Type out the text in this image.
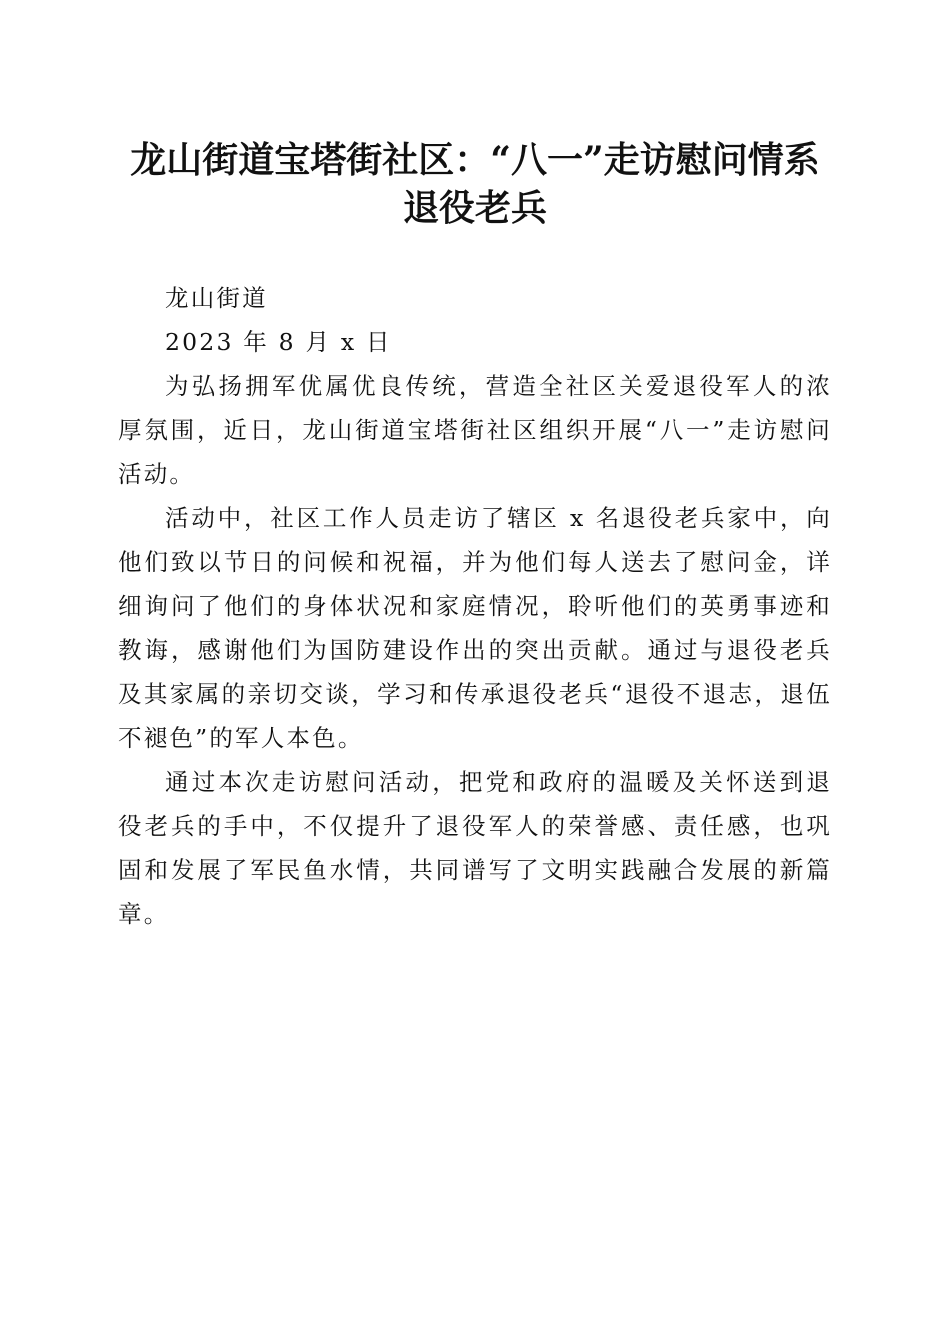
龙山街道宝塔街社区：“八一”走访慰问情系
退役老兵

龙山街道

2023 年 8 月 x 日

为弘扬拥军优属优良传统，营造全社区关爱退役军人的浓厚氛围，近日，龙山街道宝塔街社区组织开展“八一”走访慰问活动。

活动中，社区工作人员走访了辖区 x 名退役老兵家中，向他们致以节日的问候和祝福，并为他们每人送去了慰问金，详细询问了他们的身体状况和家庭情况，聆听他们的英勇事迹和教诲，感谢他们为国防建设作出的突出贡献。通过与退役老兵及其家属的亲切交谈，学习和传承退役老兵“退役不退志，退伍不褪色”的军人本色。

通过本次走访慰问活动，把党和政府的温暖及关怀送到退役老兵的手中，不仅提升了退役军人的荣誉感、责任感，也巩固和发展了军民鱼水情，共同谱写了文明实践融合发展的新篇章。
